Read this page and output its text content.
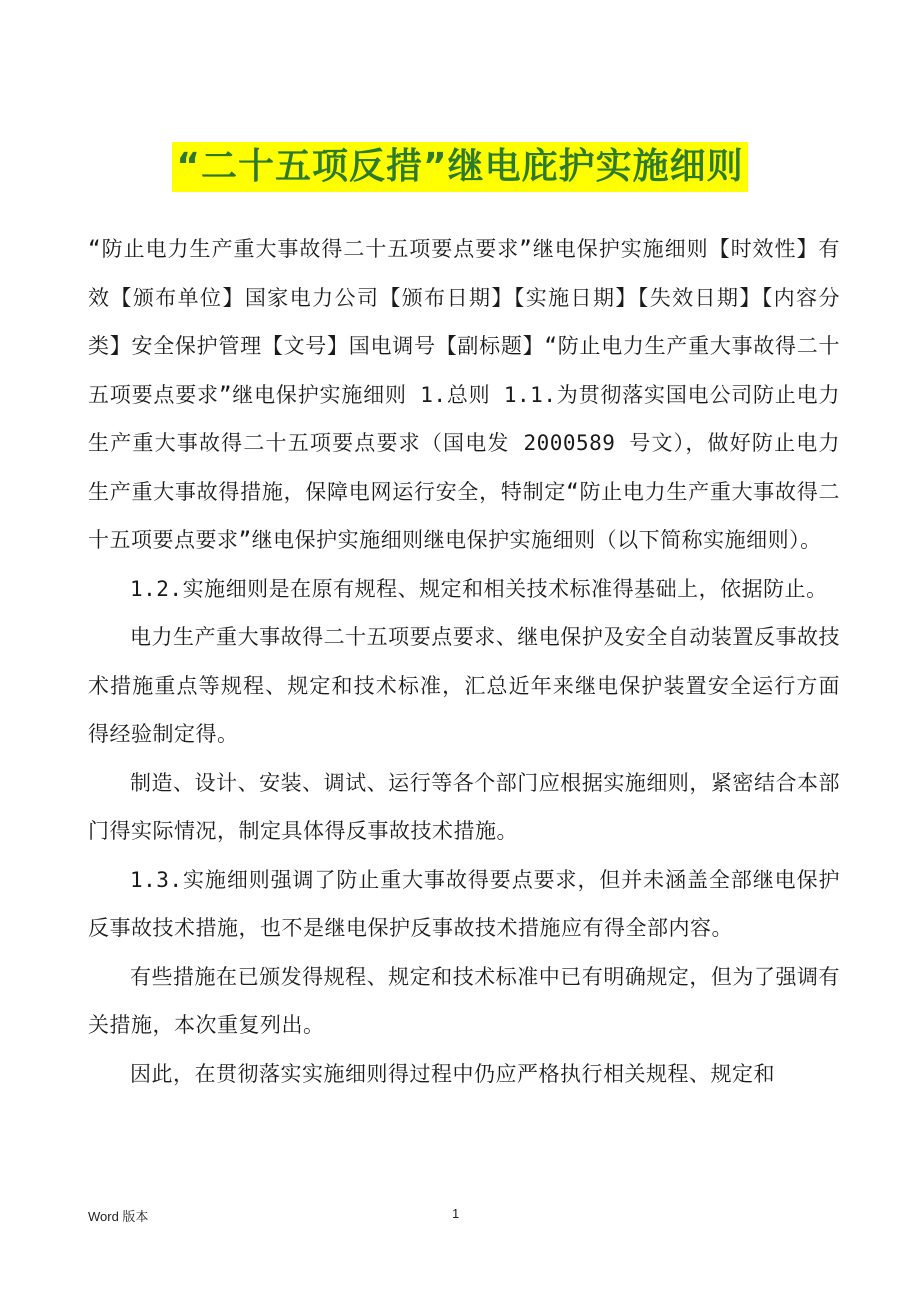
“二十五项反措”继电庇护实施细则

“防止电力生产重大事故得二十五项要点要求”继电保护实施细则【时效性】有效【颁布单位】国家电力公司【颁布日期】【实施日期】【失效日期】【内容分类】安全保护管理【文号】国电调号【副标题】“防止电力生产重大事故得二十五项要点要求”继电保护实施细则 1.总则 1.1.为贯彻落实国电公司防止电力生产重大事故得二十五项要点要求（国电发 2000589 号文），做好防止电力生产重大事故得措施，保障电网运行安全，特制定“防止电力生产重大事故得二十五项要点要求”继电保护实施细则继电保护实施细则（以下简称实施细则）。

1.2.实施细则是在原有规程、规定和相关技术标准得基础上，依据防止。

电力生产重大事故得二十五项要点要求、继电保护及安全自动装置反事故技术措施重点等规程、规定和技术标准，汇总近年来继电保护装置安全运行方面得经验制定得。

制造、设计、安装、调试、运行等各个部门应根据实施细则，紧密结合本部门得实际情况，制定具体得反事故技术措施。

1.3.实施细则强调了防止重大事故得要点要求，但并未涵盖全部继电保护反事故技术措施，也不是继电保护反事故技术措施应有得全部内容。

有些措施在已颁发得规程、规定和技术标准中已有明确规定，但为了强调有关措施，本次重复列出。

因此，在贯彻落实实施细则得过程中仍应严格执行相关规程、规定和

Word 版本	1
